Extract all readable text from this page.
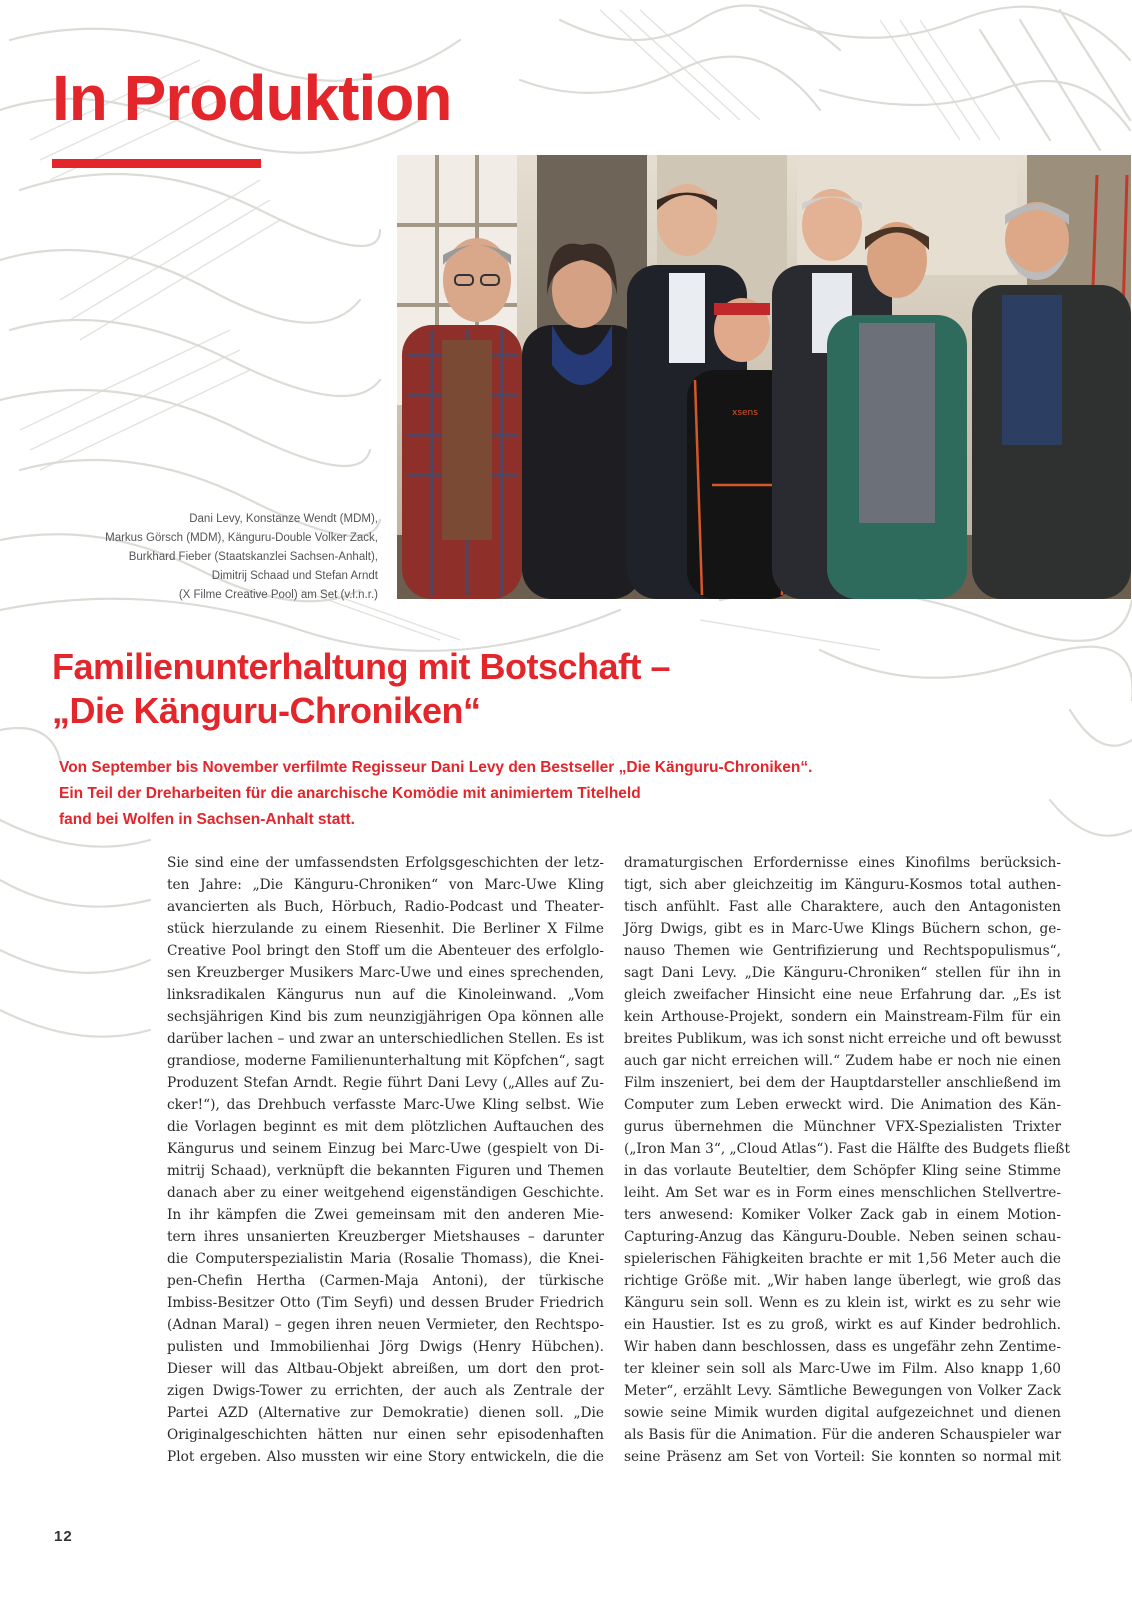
In Produktion
xsens
Dani Levy, Konstanze Wendt (MDM),
Markus Görsch (MDM), Känguru-Double Volker Zack,
Burkhard Fieber (Staatskanzlei Sachsen-Anhalt),
Dimitrij Schaad und Stefan Arndt
(X Filme Creative Pool) am Set (v.l.n.r.)
Familienunterhaltung mit Botschaft –
„Die Känguru-Chroniken“
Von September bis November verfilmte Regisseur Dani Levy den Bestseller „Die Känguru-Chroniken“.
Ein Teil der Dreharbeiten für die anarchische Komödie mit animiertem Titelheld
fand bei Wolfen in Sachsen-Anhalt statt.
Sie sind eine der umfassendsten Erfolgsgeschichten der letz-
ten Jahre: „Die Känguru-Chroniken“ von Marc-Uwe Kling
avancierten als Buch, Hörbuch, Radio-Podcast und Theater-
stück hierzulande zu einem Riesenhit. Die Berliner X Filme
Creative Pool bringt den Stoff um die Abenteuer des erfolglo-
sen Kreuzberger Musikers Marc-Uwe und eines sprechenden,
linksradikalen Kängurus nun auf die Kinoleinwand. „Vom
sechsjährigen Kind bis zum neunzigjährigen Opa können alle
darüber lachen – und zwar an unterschiedlichen Stellen. Es ist
grandiose, moderne Familienunterhaltung mit Köpfchen“, sagt
Produzent Stefan Arndt. Regie führt Dani Levy („Alles auf Zu-
cker!“), das Drehbuch verfasste Marc-Uwe Kling selbst. Wie
die Vorlagen beginnt es mit dem plötzlichen Auftauchen des
Kängurus und seinem Einzug bei Marc-Uwe (gespielt von Di-
mitrij Schaad), verknüpft die bekannten Figuren und Themen
danach aber zu einer weitgehend eigenständigen Geschichte.
In ihr kämpfen die Zwei gemeinsam mit den anderen Mie-
tern ihres unsanierten Kreuzberger Mietshauses – darunter
die Computerspezialistin Maria (Rosalie Thomass), die Knei-
pen-Chefin Hertha (Carmen-Maja Antoni), der türkische
Imbiss-Besitzer Otto (Tim Seyfi) und dessen Bruder Friedrich
(Adnan Maral) – gegen ihren neuen Vermieter, den Rechtspo-
pulisten und Immobilienhai Jörg Dwigs (Henry Hübchen).
Dieser will das Altbau-Objekt abreißen, um dort den prot-
zigen Dwigs-Tower zu errichten, der auch als Zentrale der
Partei AZD (Alternative zur Demokratie) dienen soll. „Die
Originalgeschichten hätten nur einen sehr episodenhaften
Plot ergeben. Also mussten wir eine Story entwickeln, die die
dramaturgischen Erfordernisse eines Kinofilms berücksich-
tigt, sich aber gleichzeitig im Känguru-Kosmos total authen-
tisch anfühlt. Fast alle Charaktere, auch den Antagonisten
Jörg Dwigs, gibt es in Marc-Uwe Klings Büchern schon, ge-
nauso Themen wie Gentrifizierung und Rechtspopulismus“,
sagt Dani Levy. „Die Känguru-Chroniken“ stellen für ihn in
gleich zweifacher Hinsicht eine neue Erfahrung dar. „Es ist
kein Arthouse-Projekt, sondern ein Mainstream-Film für ein
breites Publikum, was ich sonst nicht erreiche und oft bewusst
auch gar nicht erreichen will.“ Zudem habe er noch nie einen
Film inszeniert, bei dem der Hauptdarsteller anschließend im
Computer zum Leben erweckt wird. Die Animation des Kän-
gurus übernehmen die Münchner VFX-Spezialisten Trixter
(„Iron Man 3“, „Cloud Atlas“). Fast die Hälfte des Budgets fließt
in das vorlaute Beuteltier, dem Schöpfer Kling seine Stimme
leiht. Am Set war es in Form eines menschlichen Stellvertre-
ters anwesend: Komiker Volker Zack gab in einem Motion-
Capturing-Anzug das Känguru-Double. Neben seinen schau-
spielerischen Fähigkeiten brachte er mit 1,56 Meter auch die
richtige Größe mit. „Wir haben lange überlegt, wie groß das
Känguru sein soll. Wenn es zu klein ist, wirkt es zu sehr wie
ein Haustier. Ist es zu groß, wirkt es auf Kinder bedrohlich.
Wir haben dann beschlossen, dass es ungefähr zehn Zentime-
ter kleiner sein soll als Marc-Uwe im Film. Also knapp 1,60
Meter“, erzählt Levy. Sämtliche Bewegungen von Volker Zack
sowie seine Mimik wurden digital aufgezeichnet und dienen
als Basis für die Animation. Für die anderen Schauspieler war
seine Präsenz am Set von Vorteil: Sie konnten so normal mit
12
